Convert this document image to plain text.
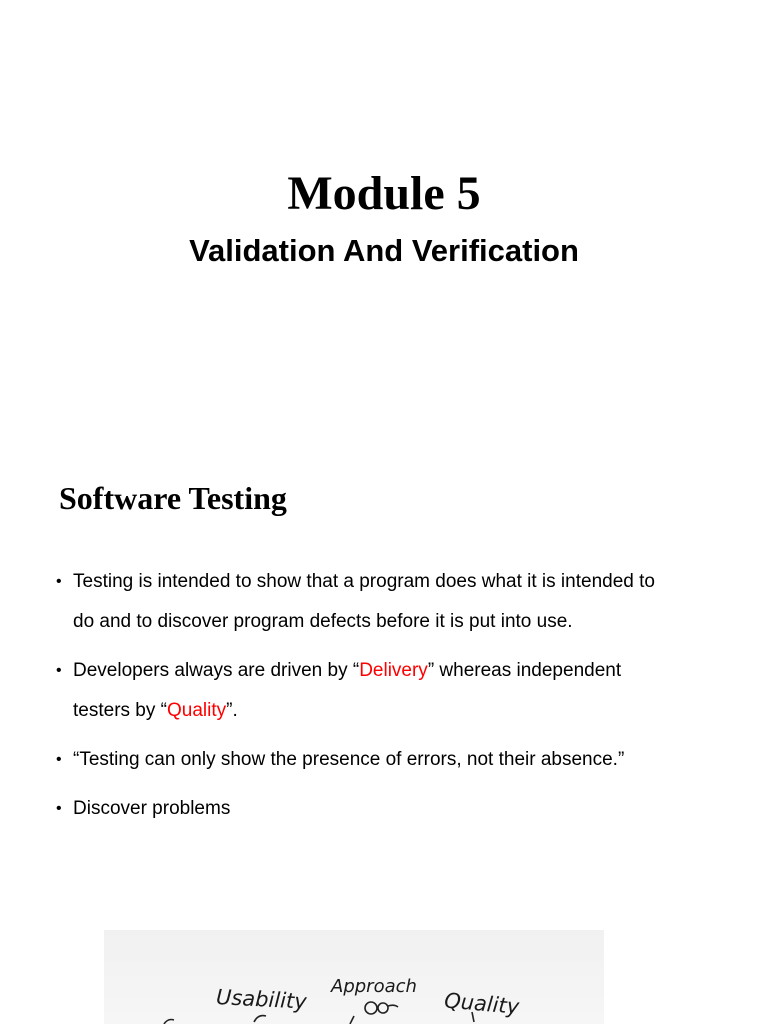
Module 5
Validation And Verification
Software Testing
• Testing is intended to show that a program does what it is intended to
do and to discover program defects before it is put into use.
• Developers always are driven by “Delivery” whereas independent
testers by “Quality”.
• “Testing can only show the presence of errors, not their absence.”
• Discover problems
Usability Approach
Quality
